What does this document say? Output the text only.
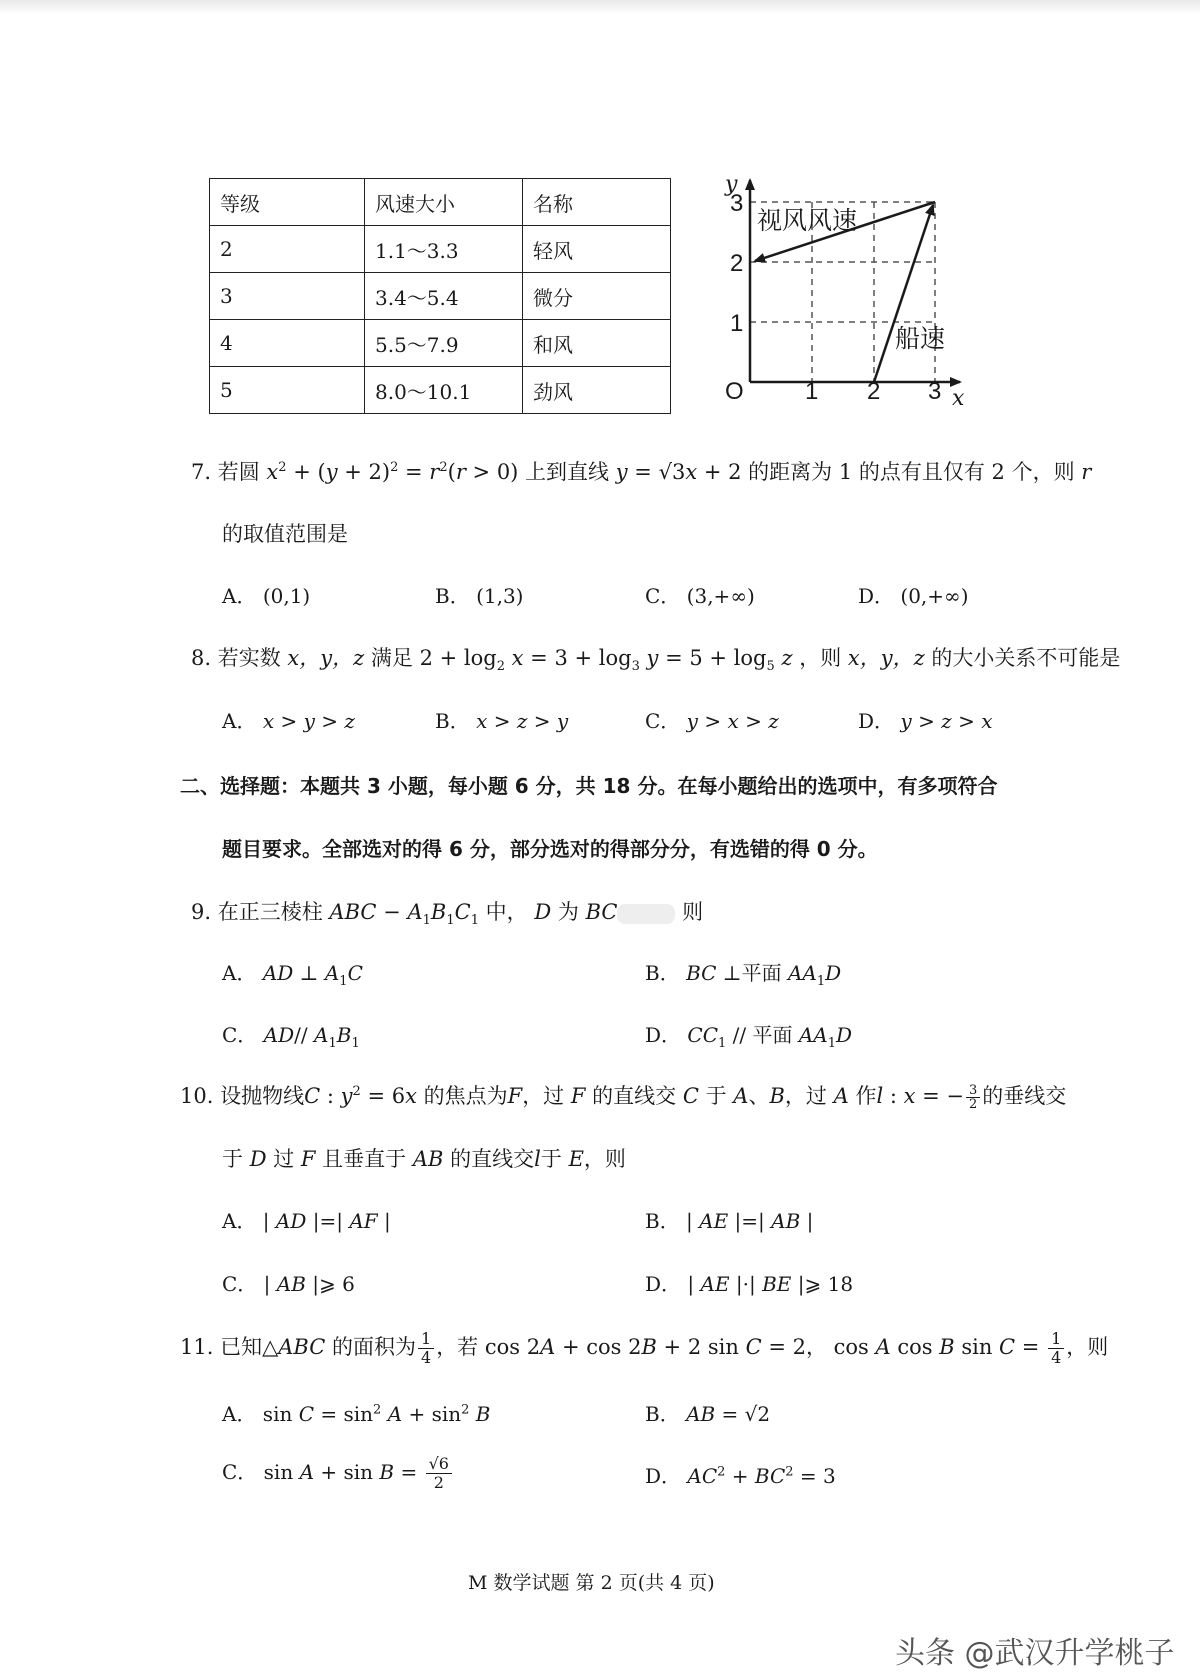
等级	风速大小	名称
2	1.1～3.3	轻风
3	3.4～5.4	微分
4	5.5～7.9	和风
5	8.0～10.1	劲风	O	1 2 3
1
2
3
x
y
视风风速
船速
7. 若圆 $x^2 + (y + 2)^2 = r^2(r > 0)$ 上到直线 y = √3x + 2 的距离为 1 的点有且仅有 2 个，则 r
的取值范围是
A． (0,1)	B． (1,3)	C． (3,+∞)	D． (0,+∞)
8. 若实数 x，y，z 满足 $2 + \log_2 x = 3 + \log_3 y = 5 + \log_5 z$ ，则 x，y，z 的大小关系不可能是
A． x > y > z	B． x > z > y	C． y > x > z	D． y > z > x
二、选择题：本题共 3 小题，每小题 6 分，共 18 分。在每小题给出的选项中，有多项符合
题目要求。全部选对的得 6 分，部分选对的得部分分，有选错的得 0 分。
9. 在正三棱柱 ABC − $A_1B_1C_1$ 中， D 为 BC	则
A． AD ⊥ $A_1C$	B． BC ⊥平面 $AA_1D$
C． AD// $A_1B_1$	D． $CC_1$ // 平面 $AA_1D$
10. 设抛物线C : $y^2 = 6x$ 的焦点为F，过 F 的直线交 C 于 A、B，过 A 作l : x = − $\frac{3}{2}$ 的垂线交
于 D 过 F 且垂直于 AB 的直线交l于 E，则
A． | AD |=| AF |	B． | AE |=| AB |
C． | AB |⩾ 6	D． | AE |·| BE |⩾ 18
11. 已知△ABC 的面积为 $\frac{1}{4}$ ，若 cos 2A + cos 2B + 2 sin C = 2， cos A cos B $\sin C = \frac{1}{4}$ ，则
A． $\sin C = \sin^2 A + \sin^2 B$	B． AB = √2
C． $\sin A + \sin B = \frac{√6}{2}$	D． $AC^2 + BC^2 = 3$
M 数学试题 第 2 页(共 4 页)
头条 @武汉升学桃子
